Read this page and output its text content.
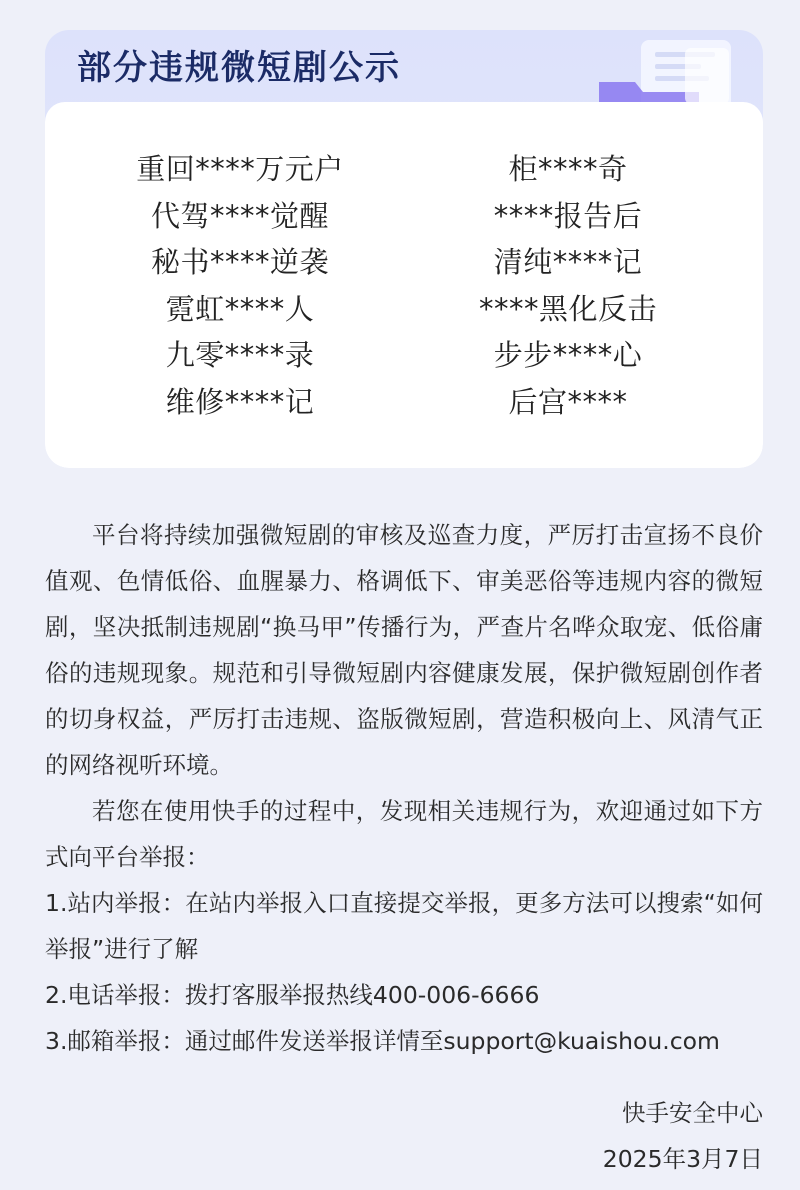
部分违规微短剧公示
重回****万元户
代驾****觉醒
秘书****逆袭
霓虹****人
九零****录
维修****记
柜****奇
****报告后
清纯****记
****黑化反击
步步****心
后宫****

平台将持续加强微短剧的审核及巡查力度，严厉打击宣扬不良价值观、色情低俗、血腥暴力、格调低下、审美恶俗等违规内容的微短剧，坚决抵制违规剧“换马甲”传播行为，严查片名哗众取宠、低俗庸俗的违规现象。规范和引导微短剧内容健康发展，保护微短剧创作者的切身权益，严厉打击违规、盗版微短剧，营造积极向上、风清气正的网络视听环境。

若您在使用快手的过程中，发现相关违规行为，欢迎通过如下方式向平台举报：

1.站内举报：在站内举报入口直接提交举报，更多方法可以搜索“如何举报”进行了解

2.电话举报：拨打客服举报热线400-006-6666

3.邮箱举报：通过邮件发送举报详情至support@kuaishou.com

快手安全中心
2025年3月7日
